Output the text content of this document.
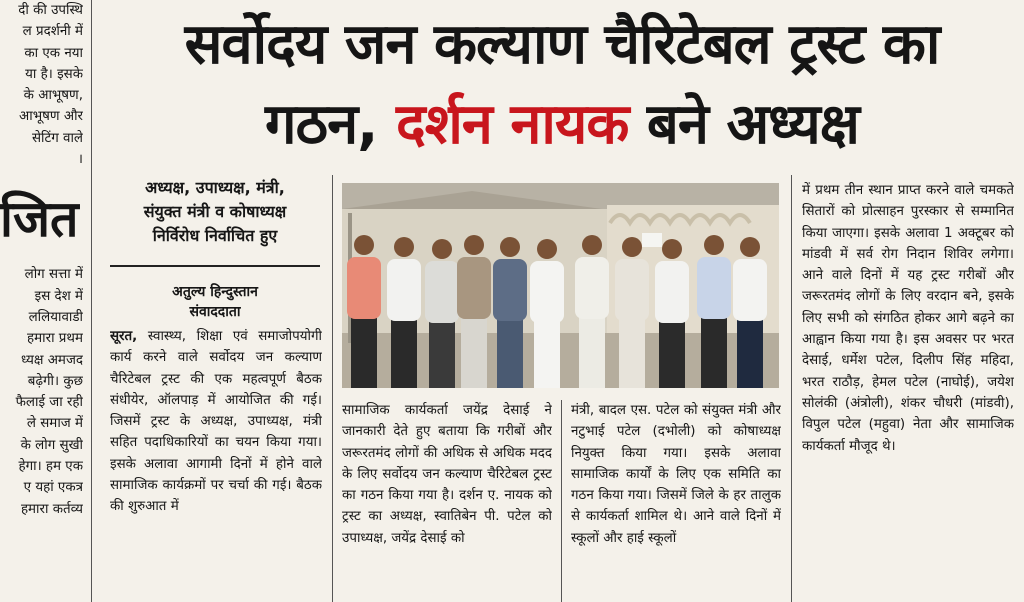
दी की उपस्थि
ल प्रदर्शनी में
का एक नया
या है। इसके
के आभूषण,
आभूषण और
सेटिंग वाले
।
जित
लोग सत्ता में
इस देश में
ललियावाडी
हमारा प्रथम
ध्यक्ष अमजद
बढ़ेगी। कुछ
फैलाई जा रही
ले समाज में
के लोग सुखी
हेगा। हम एक
ए यहां एकत्र
हमारा कर्तव्य
सर्वोदय जन कल्याण चैरिटेबल ट्रस्ट का
गठन, दर्शन नायक बने अध्यक्ष
अध्यक्ष, उपाध्यक्ष, मंत्री,
संयुक्त मंत्री व कोषाध्यक्ष
निर्विरोध निर्वाचित हुए
अतुल्य हिन्दुस्तान
संवाददाता

सूरत, स्वास्थ्य, शिक्षा एवं समाजोपयोगी कार्य करने वाले सर्वोदय जन कल्याण चैरिटेबल ट्रस्ट की एक महत्वपूर्ण बैठक संधीयेर, ऑलपाड़ में आयोजित की गई। जिसमें ट्रस्ट के अध्यक्ष, उपाध्यक्ष, मंत्री सहित पदाधिकारियों का चयन किया गया। इसके अलावा आगामी दिनों में होने वाले सामाजिक कार्यक्रमों पर चर्चा की गई। बैठक की शुरुआत में

सामाजिक कार्यकर्ता जयेंद्र देसाई ने जानकारी देते हुए बताया कि गरीबों और जरूरतमंद लोगों की अधिक से अधिक मदद के लिए सर्वोदय जन कल्याण चैरिटेबल ट्रस्ट का गठन किया गया है। दर्शन ए. नायक को ट्रस्ट का अध्यक्ष, स्वातिबेन पी. पटेल को उपाध्यक्ष, जयेंद्र देसाई को

मंत्री, बादल एस. पटेल को संयुक्त मंत्री और नटुभाई पटेल (दभोली) को कोषाध्यक्ष नियुक्त किया गया। इसके अलावा सामाजिक कार्यों के लिए एक समिति का गठन किया गया। जिसमें जिले के हर तालुक से कार्यकर्ता शामिल थे। आने वाले दिनों में स्कूलों और हाई स्कूलों

में प्रथम तीन स्थान प्राप्त करने वाले चमकते सितारों को प्रोत्साहन पुरस्कार से सम्मानित किया जाएगा। इसके अलावा 1 अक्टूबर को मांडवी में सर्व रोग निदान शिविर लगेगा। आने वाले दिनों में यह ट्रस्ट गरीबों और जरूरतमंद लोगों के लिए वरदान बने, इसके लिए सभी को संगठित होकर आगे बढ़ने का आह्वान किया गया है। इस अवसर पर भरत देसाई, धर्मेश पटेल, दिलीप सिंह महिदा, भरत राठौड़, हेमल पटेल (नाघोई), जयेश सोलंकी (अंत्रोली), शंकर चौधरी (मांडवी), विपुल पटेल (महुवा) नेता और सामाजिक कार्यकर्ता मौजूद थे।
